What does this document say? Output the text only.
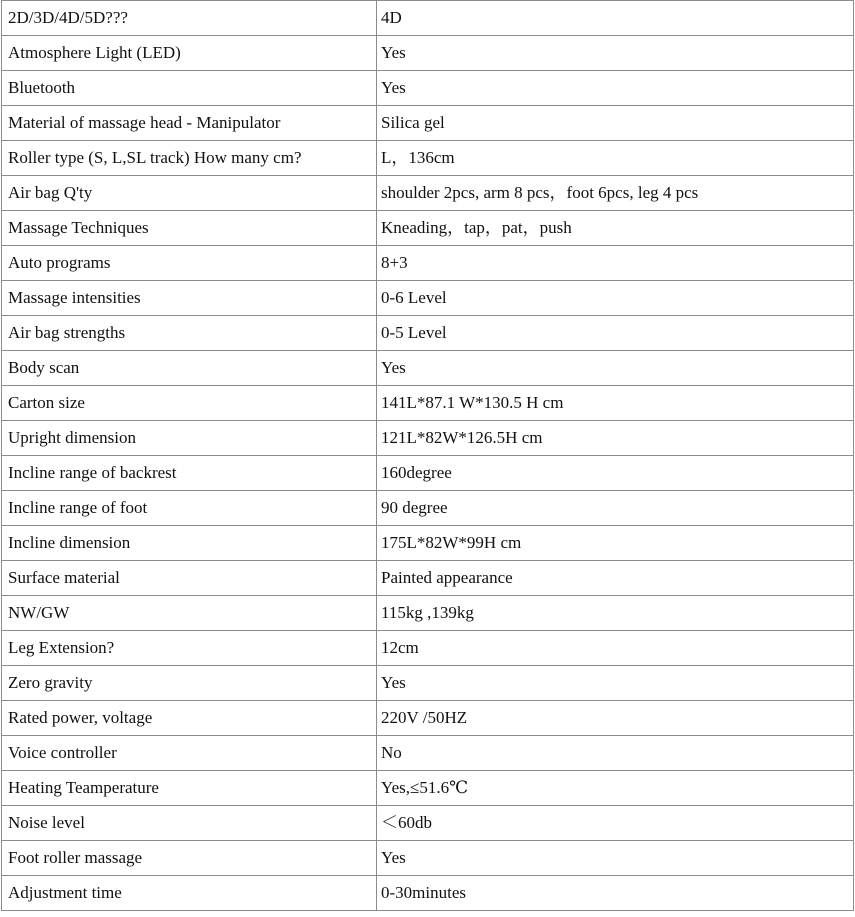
2D/3D/4D/5D???	4D
Atmosphere Light (LED)	Yes
Bluetooth	Yes
Material of massage head - Manipulator	Silica gel
Roller type (S, L,SL track) How many cm?	L，136cm
Air bag Q'ty	shoulder 2pcs, arm 8 pcs，foot 6pcs, leg 4 pcs
Massage Techniques	Kneading，tap，pat，push
Auto programs	8+3
Massage intensities	0-6 Level
Air bag strengths	0-5 Level
Body scan	Yes
Carton size	141L*87.1 W*130.5 H cm
Upright dimension	121L*82W*126.5H cm
Incline range of backrest	160degree
Incline range of foot	90 degree
Incline dimension	175L*82W*99H cm
Surface material	Painted appearance
NW/GW	115kg ,139kg
Leg Extension?	12cm
Zero gravity	Yes
Rated power, voltage	220V /50HZ
Voice controller	No
Heating Teamperature	Yes,≤51.6℃
Noise level	＜60db
Foot roller massage	Yes
Adjustment time	0-30minutes
